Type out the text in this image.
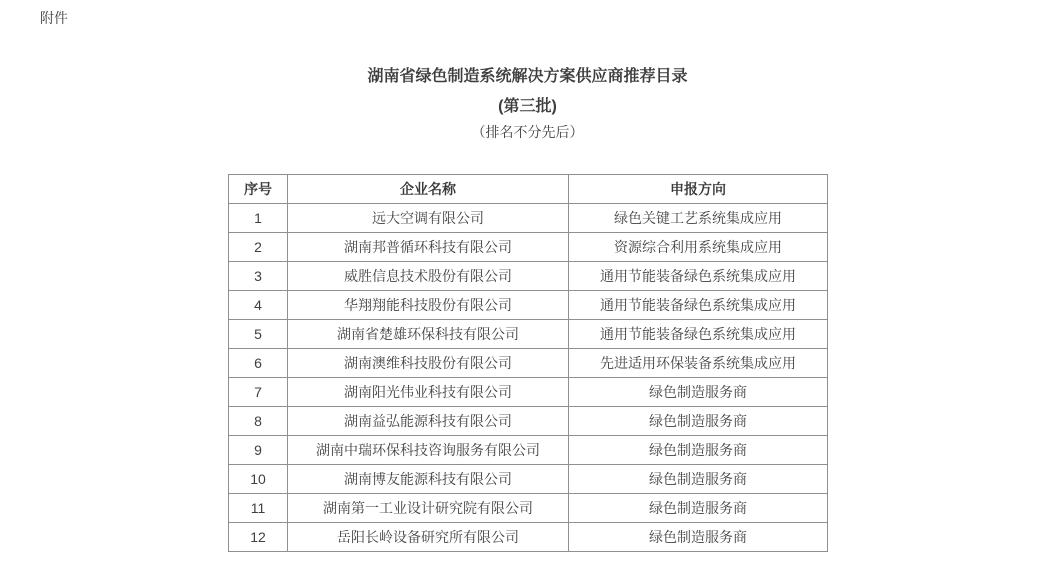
附件
湖南省绿色制造系统解决方案供应商推荐目录
(第三批)
（排名不分先后）
序号	企业名称	申报方向
1	远大空调有限公司	绿色关键工艺系统集成应用
2	湖南邦普循环科技有限公司	资源综合利用系统集成应用
3	威胜信息技术股份有限公司	通用节能装备绿色系统集成应用
4	华翔翔能科技股份有限公司	通用节能装备绿色系统集成应用
5	湖南省楚雄环保科技有限公司	通用节能装备绿色系统集成应用
6	湖南澳维科技股份有限公司	先进适用环保装备系统集成应用
7	湖南阳光伟业科技有限公司	绿色制造服务商
8	湖南益弘能源科技有限公司	绿色制造服务商
9	湖南中瑞环保科技咨询服务有限公司	绿色制造服务商
10	湖南博友能源科技有限公司	绿色制造服务商
11	湖南第一工业设计研究院有限公司	绿色制造服务商
12	岳阳长岭设备研究所有限公司	绿色制造服务商
